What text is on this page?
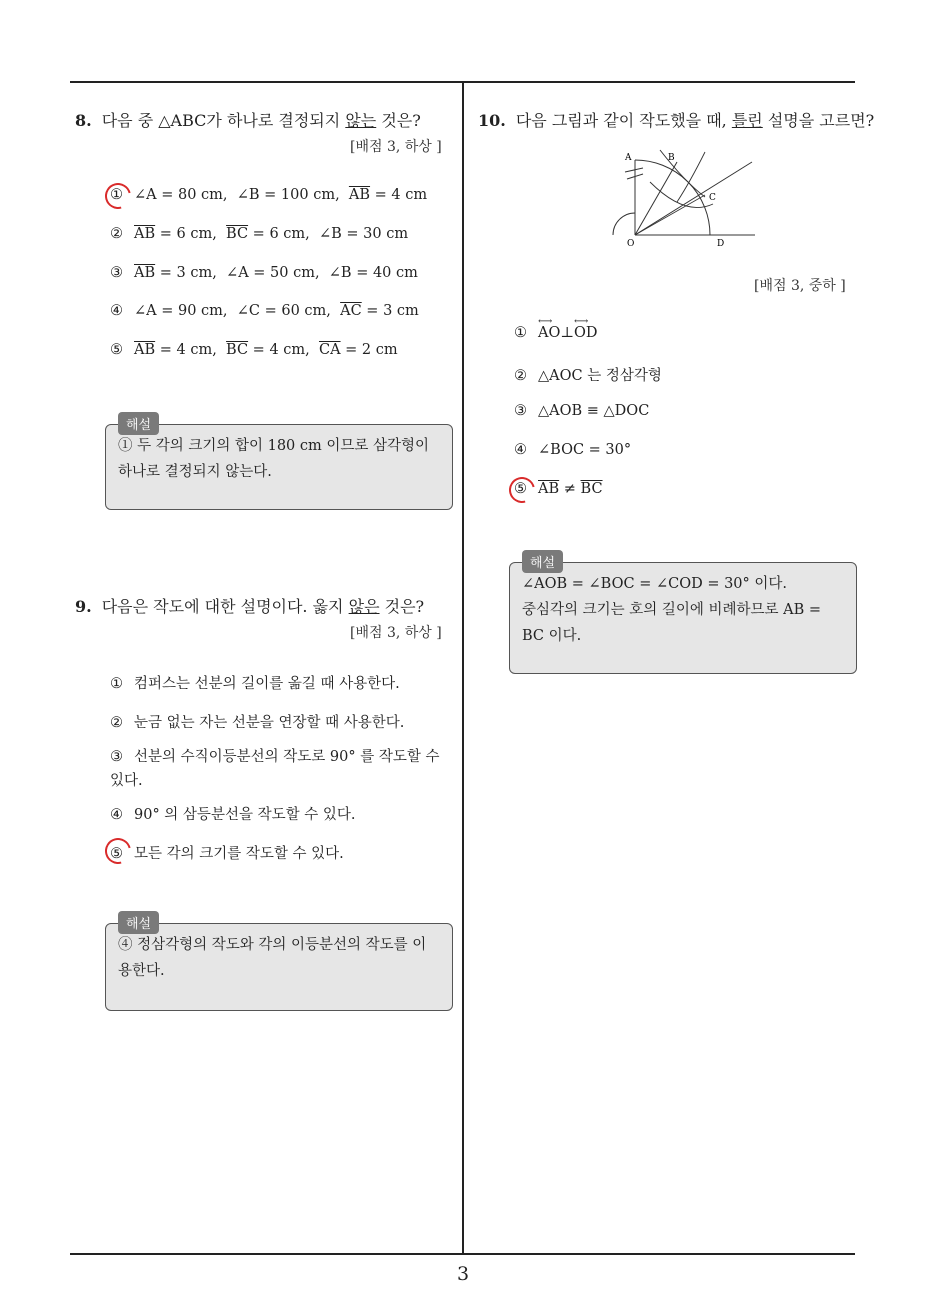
8. 다음 중 △ABC가 하나로 결정되지 않는 것은?
[배점 3, 하상 ]
① ∠A = 80 cm,  ∠B = 100 cm,  $\overline{AB} = 4$ cm
② $\overline{AB} = 6$ cm,  $\overline{BC} = 6$ cm,  ∠B = 30 cm
③ $\overline{AB} = 3$ cm,  ∠A = 50 cm,  ∠B = 40 cm
④ ∠A = 90 cm,  ∠C = 60 cm,  $\overline{AC} = 3$ cm
⑤ $\overline{AB} = 4$ cm,  $\overline{BC} = 4$ cm,  $\overline{CA} = 2$ cm
① 두 각의 크기의 합이 180 cm 이므로 삼각형이 하나로 결정되지 않는다.
해설
9. 다음은 작도에 대한 설명이다. 옳지 않은 것은?
[배점 3, 하상 ]
① 컴퍼스는 선분의 길이를 옮길 때 사용한다.
② 눈금 없는 자는 선분을 연장할 때 사용한다.
③ 선분의 수직이등분선의 작도로 90° 를 작도할 수 있다.
④ 90° 의 삼등분선을 작도할 수 있다.
⑤ 모든 각의 크기를 작도할 수 있다.
④ 정삼각형의 작도와 각의 이등분선의 작도를 이용한다.
해설
10. 다음 그림과 같이 작도했을 때, 틀린 설명을 고르면?
A	B
C
O	D
[배점 3, 중하 ]
① AO
⟷
⊥OD
⟷
② △AOC 는 정삼각형
③ △AOB ≡ △DOC
④ ∠BOC = 30°
⑤ $\overline{AB} \ne \overline{BC}$
∠AOB = ∠BOC = ∠COD = 30° 이다.
중심각의 크기는 호의 길이에 비례하므로 AB = BC 이다.
해설
3
